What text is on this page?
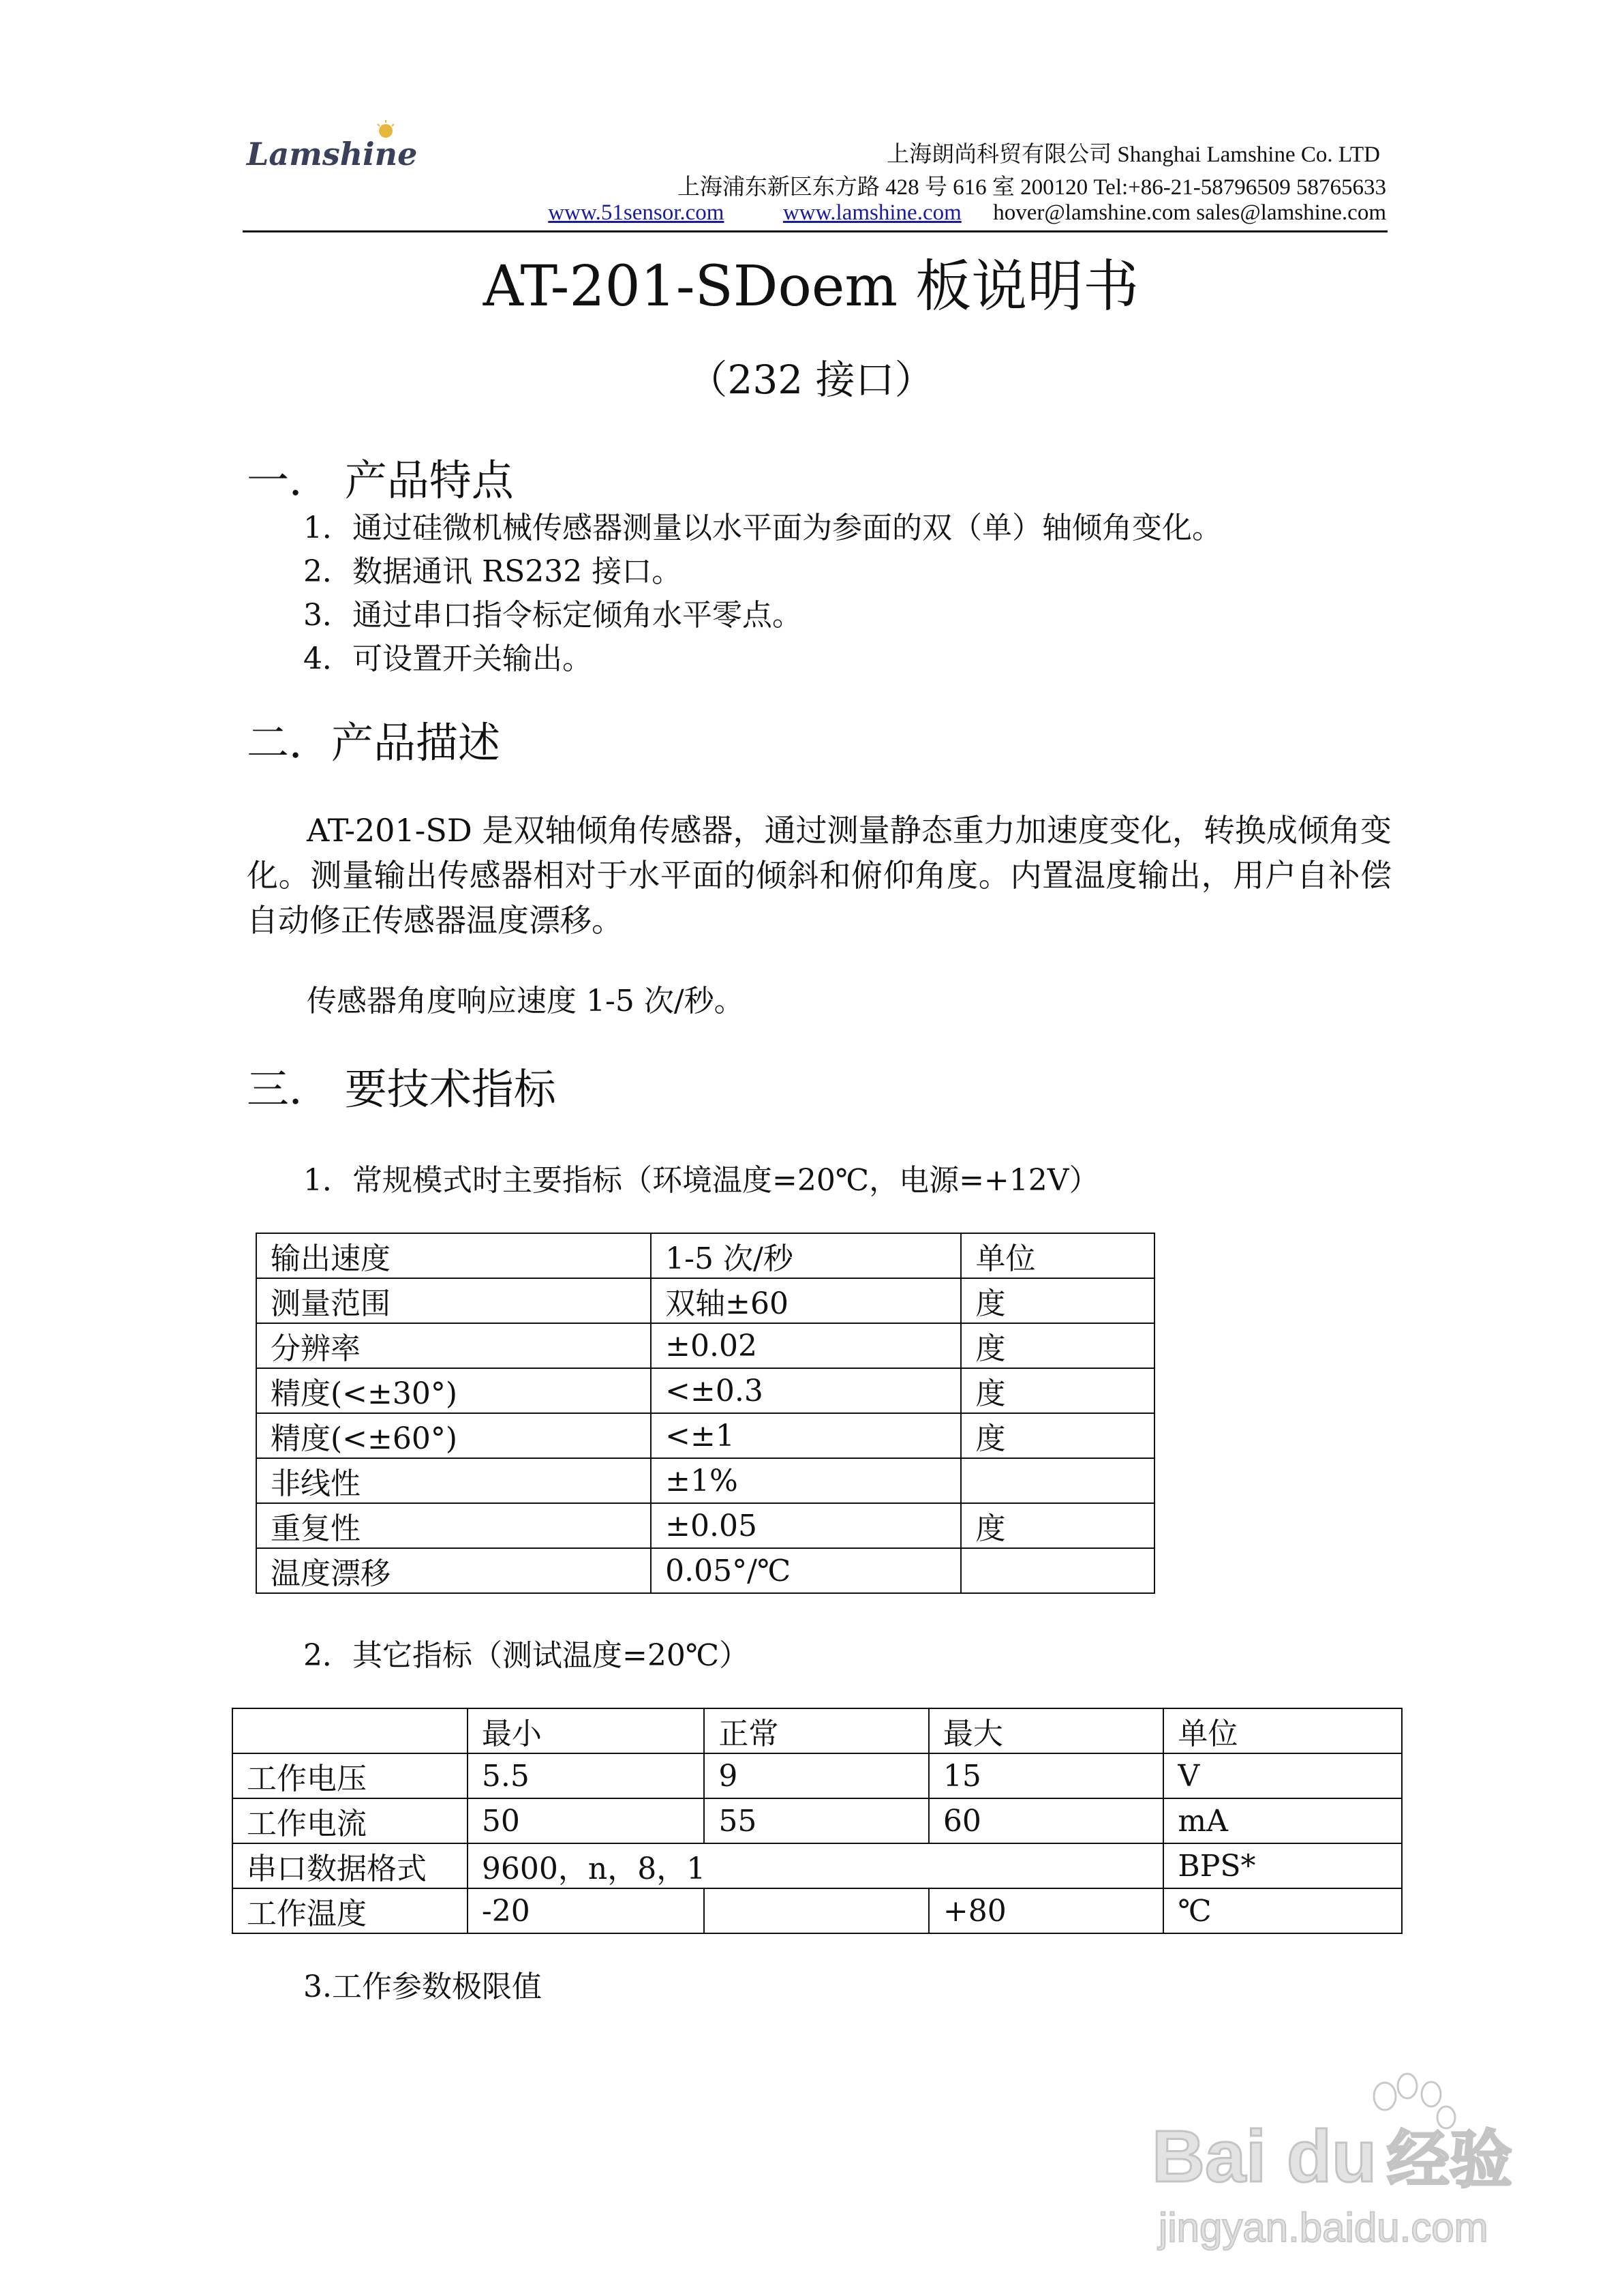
Lamshine	上海朗尚科贸有限公司 Shanghai Lamshine Co. LTD
上海浦东新区东方路 428 号 616 室 200120 Tel:+86-21-58796509 58765633
www.51sensor.com	www.lamshine.com hover@lamshine.com sales@lamshine.com
AT-201-SDoem 板说明书
（232 接口）
一． 产品特点
1．通过硅微机械传感器测量以水平面为参面的双（单）轴倾角变化。
2．数据通讯 RS232 接口。
3．通过串口指令标定倾角水平零点。
4．可设置开关输出。
二．产品描述
AT-201-SD 是双轴倾角传感器，通过测量静态重力加速度变化，转换成倾角变化。测量输出传感器相对于水平面的倾斜和俯仰角度。内置温度输出，用户自补偿自动修正传感器温度漂移。
传感器角度响应速度 1-5 次/秒。
三． 要技术指标
1．常规模式时主要指标（环境温度=20℃，电源=+12V）
输出速度	1-5 次/秒	单位
测量范围	双轴±60	度
分辨率	±0.02	度
精度(<±30°)	<±0.3	度
精度(<±60°)	<±1	度
非线性	±1%	
重复性	±0.05	度
温度漂移	0.05°/℃	
2．其它指标（测试温度=20℃）
	最小	正常	最大	单位
工作电压	5.5	9	15	V
工作电流	50	55	60	mA
串口数据格式	9600，n，8，1			BPS*
工作温度	-20		+80	℃
3.工作参数极限值
Bai du 经验
jingyan.baidu.com
